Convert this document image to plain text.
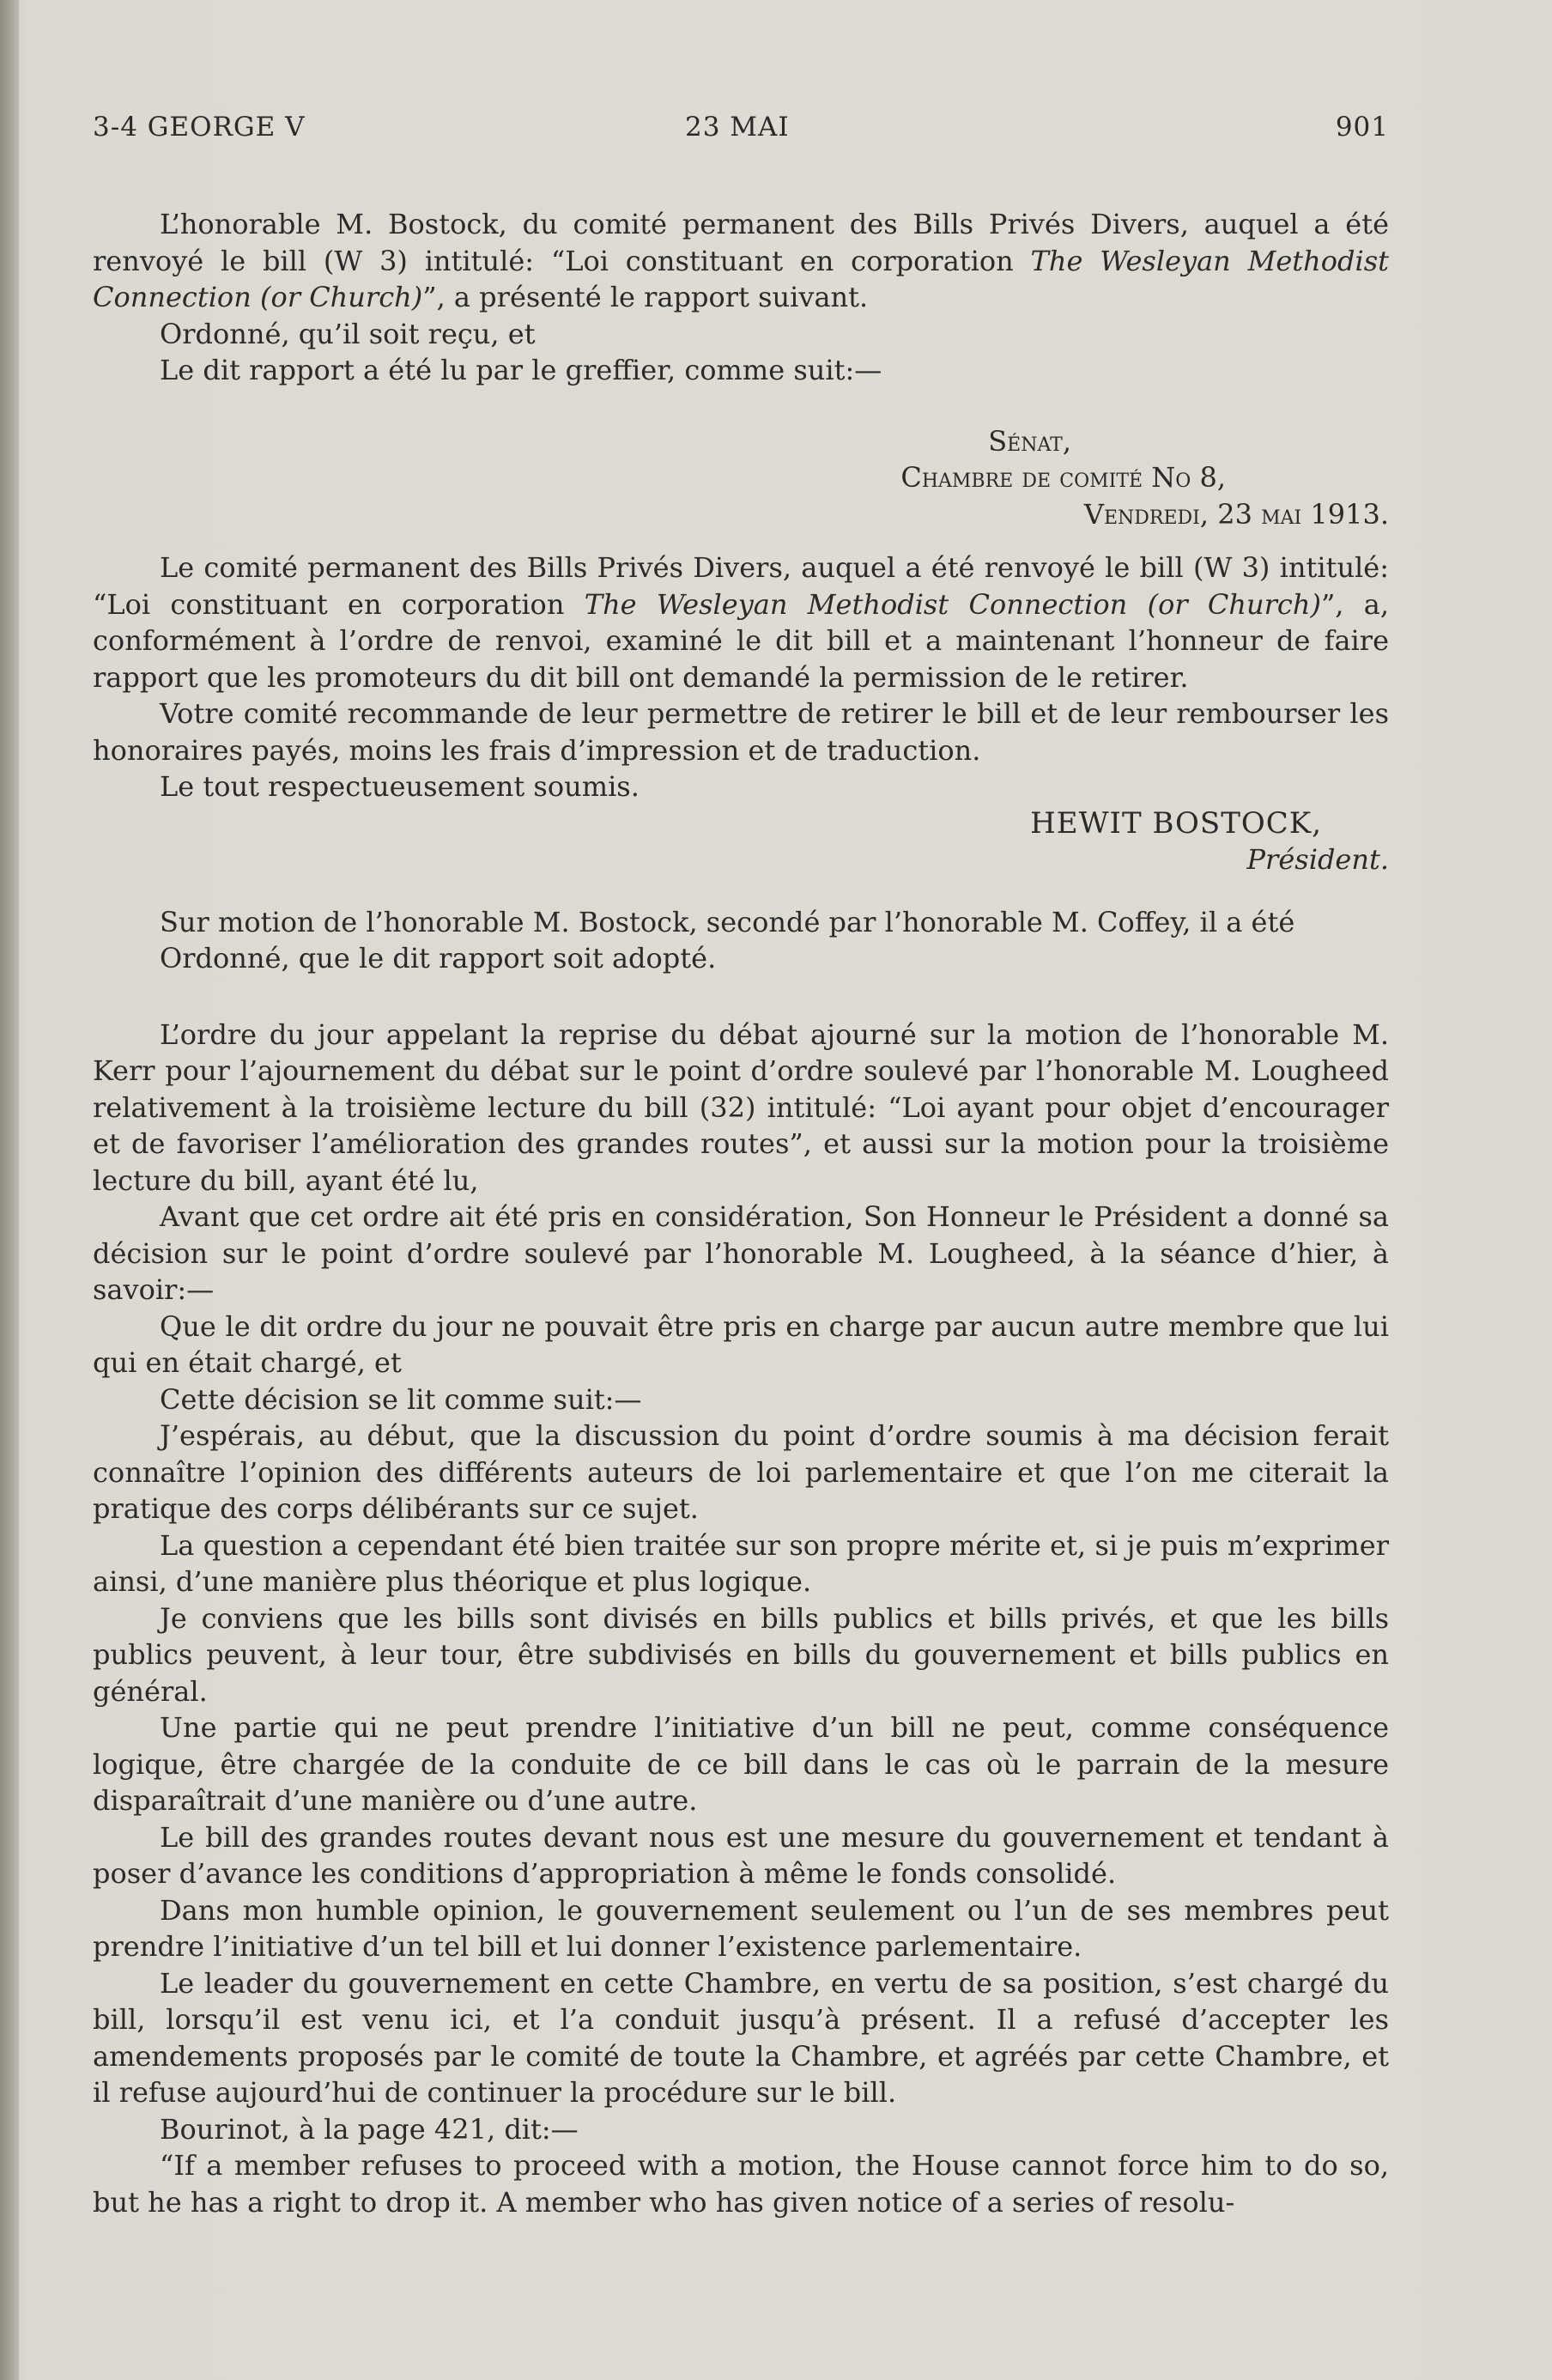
3-4 GEORGE V	23 MAI	901

L’honorable M. Bostock, du comité permanent des Bills Privés Divers, auquel a été renvoyé le bill (W 3) intitulé: “Loi constituant en corporation The Wesleyan Methodist Connection (or Church)”, a présenté le rapport suivant.

Ordonné, qu’il soit reçu, et

Le dit rapport a été lu par le greffier, comme suit:—

Sénat,

Chambre de comité No 8,

Vendredi, 23 mai 1913.

Le comité permanent des Bills Privés Divers, auquel a été renvoyé le bill (W 3) intitulé: “Loi constituant en corporation The Wesleyan Methodist Connection (or Church)”, a, conformément à l’ordre de renvoi, examiné le dit bill et a maintenant l’honneur de faire rapport que les promoteurs du dit bill ont demandé la permission de le retirer.

Votre comité recommande de leur permettre de retirer le bill et de leur rembourser les honoraires payés, moins les frais d’impression et de traduction.

Le tout respectueusement soumis.

HEWIT BOSTOCK,

Président.

Sur motion de l’honorable M. Bostock, secondé par l’honorable M. Coffey, il a été

Ordonné, que le dit rapport soit adopté.

L’ordre du jour appelant la reprise du débat ajourné sur la motion de l’honorable M. Kerr pour l’ajournement du débat sur le point d’ordre soulevé par l’honorable M. Lougheed relativement à la troisième lecture du bill (32) intitulé: “Loi ayant pour objet d’encourager et de favoriser l’amélioration des grandes routes”, et aussi sur la motion pour la troisième lecture du bill, ayant été lu,

Avant que cet ordre ait été pris en considération, Son Honneur le Président a donné sa décision sur le point d’ordre soulevé par l’honorable M. Lougheed, à la séance d’hier, à savoir:—

Que le dit ordre du jour ne pouvait être pris en charge par aucun autre membre que lui qui en était chargé, et

Cette décision se lit comme suit:—

J’espérais, au début, que la discussion du point d’ordre soumis à ma décision ferait connaître l’opinion des différents auteurs de loi parlementaire et que l’on me citerait la pratique des corps délibérants sur ce sujet.

La question a cependant été bien traitée sur son propre mérite et, si je puis m’exprimer ainsi, d’une manière plus théorique et plus logique.

Je conviens que les bills sont divisés en bills publics et bills privés, et que les bills publics peuvent, à leur tour, être subdivisés en bills du gouvernement et bills publics en général.

Une partie qui ne peut prendre l’initiative d’un bill ne peut, comme conséquence logique, être chargée de la conduite de ce bill dans le cas où le parrain de la mesure disparaîtrait d’une manière ou d’une autre.

Le bill des grandes routes devant nous est une mesure du gouvernement et tendant à poser d’avance les conditions d’appropriation à même le fonds consolidé.

Dans mon humble opinion, le gouvernement seulement ou l’un de ses membres peut prendre l’initiative d’un tel bill et lui donner l’existence parlementaire.

Le leader du gouvernement en cette Chambre, en vertu de sa position, s’est chargé du bill, lorsqu’il est venu ici, et l’a conduit jusqu’à présent. Il a refusé d’accepter les amendements proposés par le comité de toute la Chambre, et agréés par cette Chambre, et il refuse aujourd’hui de continuer la procédure sur le bill.

Bourinot, à la page 421, dit:—

“If a member refuses to proceed with a motion, the House cannot force him to do so, but he has a right to drop it. A member who has given notice of a series of resolu-
